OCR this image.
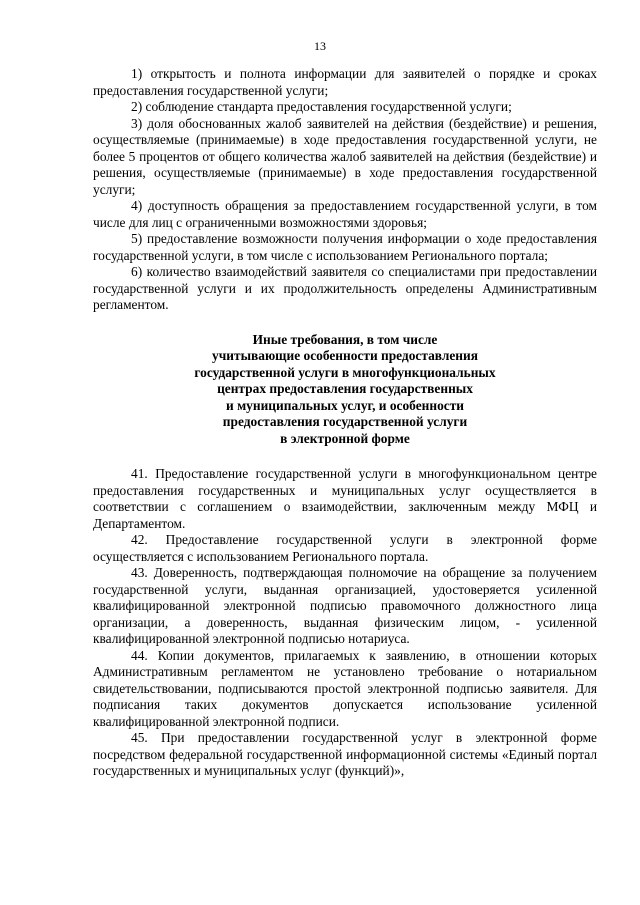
13

1) открытость и полнота информации для заявителей о порядке и сроках предоставления государственной услуги;

2) соблюдение стандарта предоставления государственной услуги;

3) доля обоснованных жалоб заявителей на действия (бездействие) и решения, осуществляемые (принимаемые) в ходе предоставления государственной услуги, не более 5 процентов от общего количества жалоб заявителей на действия (бездействие) и решения, осуществляемые (принимаемые) в ходе предоставления государственной услуги;

4) доступность обращения за предоставлением государственной услуги, в том числе для лиц с ограниченными возможностями здоровья;

5) предоставление возможности получения информации о ходе предоставления государственной услуги, в том числе с использованием Регионального портала;

6) количество взаимодействий заявителя со специалистами при предоставлении государственной услуги и их продолжительность определены Административным регламентом.

Иные требования, в том числе
учитывающие особенности предоставления
государственной услуги в многофункциональных
центрах предоставления государственных
и муниципальных услуг, и особенности
предоставления государственной услуги
в электронной форме

41. Предоставление государственной услуги в многофункциональном центре предоставления государственных и муниципальных услуг осуществляется в соответствии с соглашением о взаимодействии, заключенным между МФЦ и Департаментом.

42. Предоставление государственной услуги в электронной форме осуществляется с использованием Регионального портала.

43. Доверенность, подтверждающая полномочие на обращение за получением государственной услуги, выданная организацией, удостоверяется усиленной квалифицированной электронной подписью правомочного должностного лица организации, а доверенность, выданная физическим лицом, - усиленной квалифицированной электронной подписью нотариуса.

44. Копии документов, прилагаемых к заявлению, в отношении которых Административным регламентом не установлено требование о нотариальном свидетельствовании, подписываются простой электронной подписью заявителя. Для подписания таких документов допускается использование усиленной квалифицированной электронной подписи.

45. При предоставлении государственной услуг в электронной форме посредством федеральной государственной информационной системы «Единый портал государственных и муниципальных услуг (функций)»,
